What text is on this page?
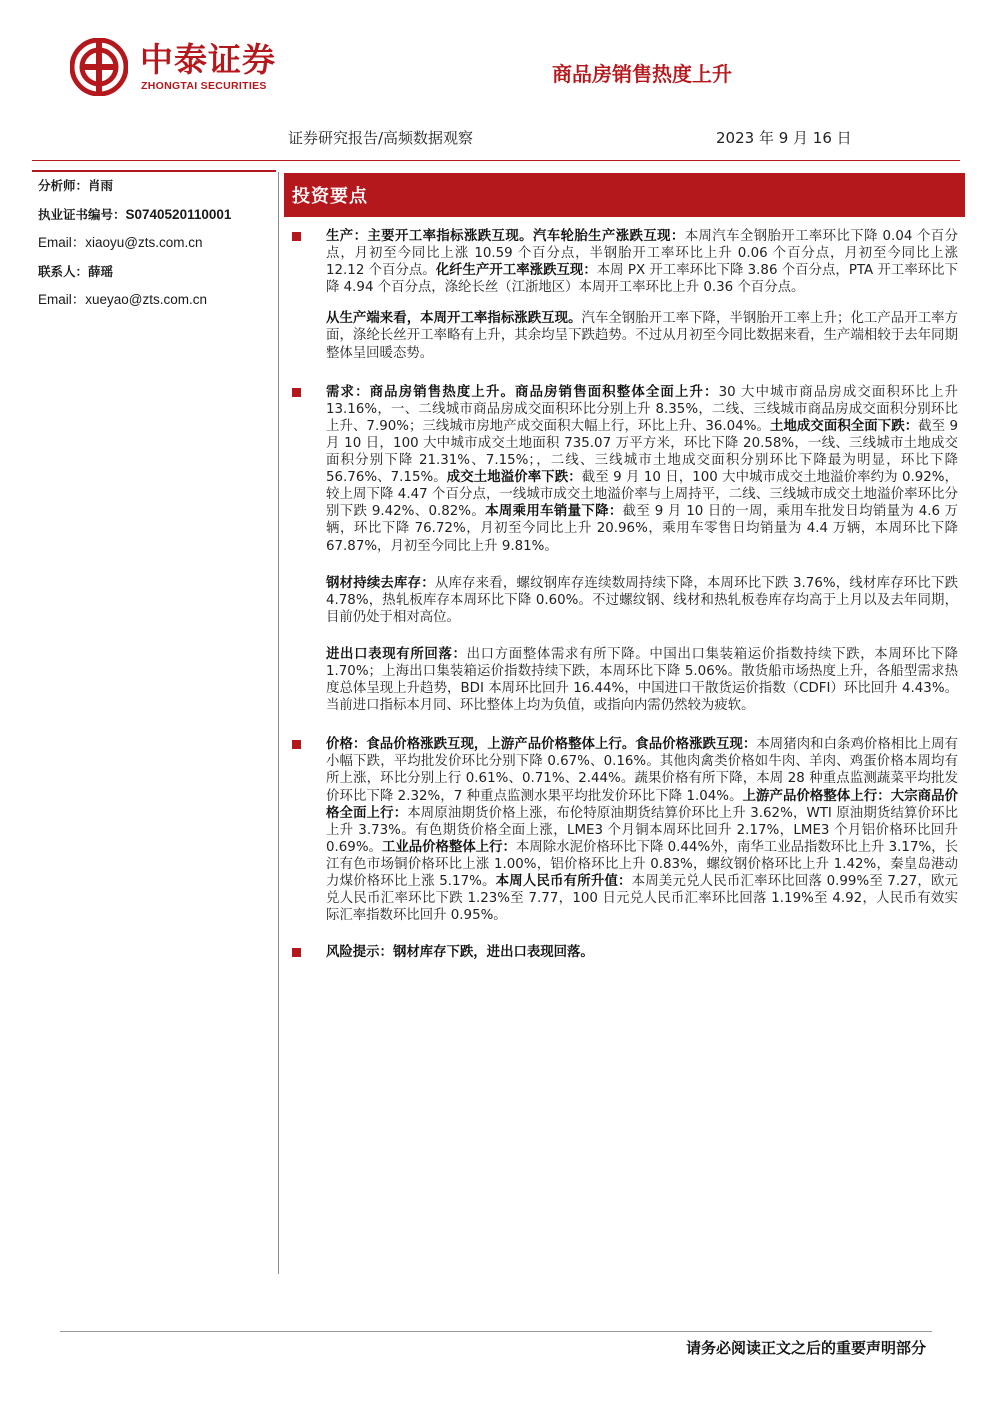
中泰证券
ZHONGTAI SECURITIES	商品房销售热度上升
证券研究报告/高频数据观察	2023 年 9 月 16 日
分析师：肖雨
执业证书编号：S0740520110001
Email：xiaoyu@zts.com.cn
联系人：薛瑶
Email：xueyao@zts.com.cn
投资要点
生产：主要开工率指标涨跌互现。汽车轮胎生产涨跌互现：本周汽车全钢胎开工率环比下降 0.04 个百分点，月初至今同比上涨 10.59 个百分点，半钢胎开工率环比上升 0.06 个百分点，月初至今同比上涨 12.12 个百分点。化纤生产开工率涨跌互现：本周 PX 开工率环比下降 3.86 个百分点，PTA 开工率环比下降 4.94 个百分点，涤纶长丝（江浙地区）本周开工率环比上升 0.36 个百分点。
从生产端来看，本周开工率指标涨跌互现。汽车全钢胎开工率下降，半钢胎开工率上升；化工产品开工率方面，涤纶长丝开工率略有上升，其余均呈下跌趋势。不过从月初至今同比数据来看，生产端相较于去年同期整体呈回暖态势。
需求：商品房销售热度上升。商品房销售面积整体全面上升：30 大中城市商品房成交面积环比上升 13.16%，一、二线城市商品房成交面积环比分别上升 8.35%，二线、三线城市商品房成交面积分别环比上升、7.90%；三线城市房地产成交面积大幅上行，环比上升、36.04%。土地成交面积全面下跌：截至 9 月 10 日，100 大中城市成交土地面积 735.07 万平方米，环比下降 20.58%，一线、三线城市土地成交面积分别下降 21.31%、7.15%；，二线、三线城市土地成交面积分别环比下降最为明显，环比下降 56.76%、7.15%。成交土地溢价率下跌：截至 9 月 10 日，100 大中城市成交土地溢价率约为 0.92%，较上周下降 4.47 个百分点，一线城市成交土地溢价率与上周持平，二线、三线城市成交土地溢价率环比分别下跌 9.42%、0.82%。本周乘用车销量下降：截至 9 月 10 日的一周，乘用车批发日均销量为 4.6 万辆，环比下降 76.72%，月初至今同比上升 20.96%，乘用车零售日均销量为 4.4 万辆，本周环比下降 67.87%，月初至今同比上升 9.81%。
钢材持续去库存：从库存来看，螺纹钢库存连续数周持续下降，本周环比下跌 3.76%，线材库存环比下跌 4.78%，热轧板库存本周环比下降 0.60%。不过螺纹钢、线材和热轧板卷库存均高于上月以及去年同期，目前仍处于相对高位。
进出口表现有所回落：出口方面整体需求有所下降。中国出口集装箱运价指数持续下跌，本周环比下降 1.70%；上海出口集装箱运价指数持续下跌，本周环比下降 5.06%。散货船市场热度上升，各船型需求热度总体呈现上升趋势，BDI 本周环比回升 16.44%，中国进口干散货运价指数（CDFI）环比回升 4.43%。当前进口指标本月同、环比整体上均为负值，或指向内需仍然较为疲软。
价格：食品价格涨跌互现，上游产品价格整体上行。食品价格涨跌互现：本周猪肉和白条鸡价格相比上周有小幅下跌，平均批发价环比分别下降 0.67%、0.16%。其他肉禽类价格如牛肉、羊肉、鸡蛋价格本周均有所上涨，环比分别上行 0.61%、0.71%、2.44%。蔬果价格有所下降，本周 28 种重点监测蔬菜平均批发价环比下降 2.32%，7 种重点监测水果平均批发价环比下降 1.04%。上游产品价格整体上行：大宗商品价格全面上行：本周原油期货价格上涨，布伦特原油期货结算价环比上升 3.62%，WTI 原油期货结算价环比上升 3.73%。有色期货价格全面上涨，LME3 个月铜本周环比回升 2.17%，LME3 个月铝价格环比回升 0.69%。工业品价格整体上行：本周除水泥价格环比下降 0.44%外，南华工业品指数环比上升 3.17%，长江有色市场铜价格环比上涨 1.00%，铝价格环比上升 0.83%，螺纹钢价格环比上升 1.42%，秦皇岛港动力煤价格环比上涨 5.17%。本周人民币有所升值：本周美元兑人民币汇率环比回落 0.99%至 7.27，欧元兑人民币汇率环比下跌 1.23%至 7.77，100 日元兑人民币汇率环比回落 1.19%至 4.92，人民币有效实际汇率指数环比回升 0.95%。
风险提示：钢材库存下跌，进出口表现回落。
请务必阅读正文之后的重要声明部分
